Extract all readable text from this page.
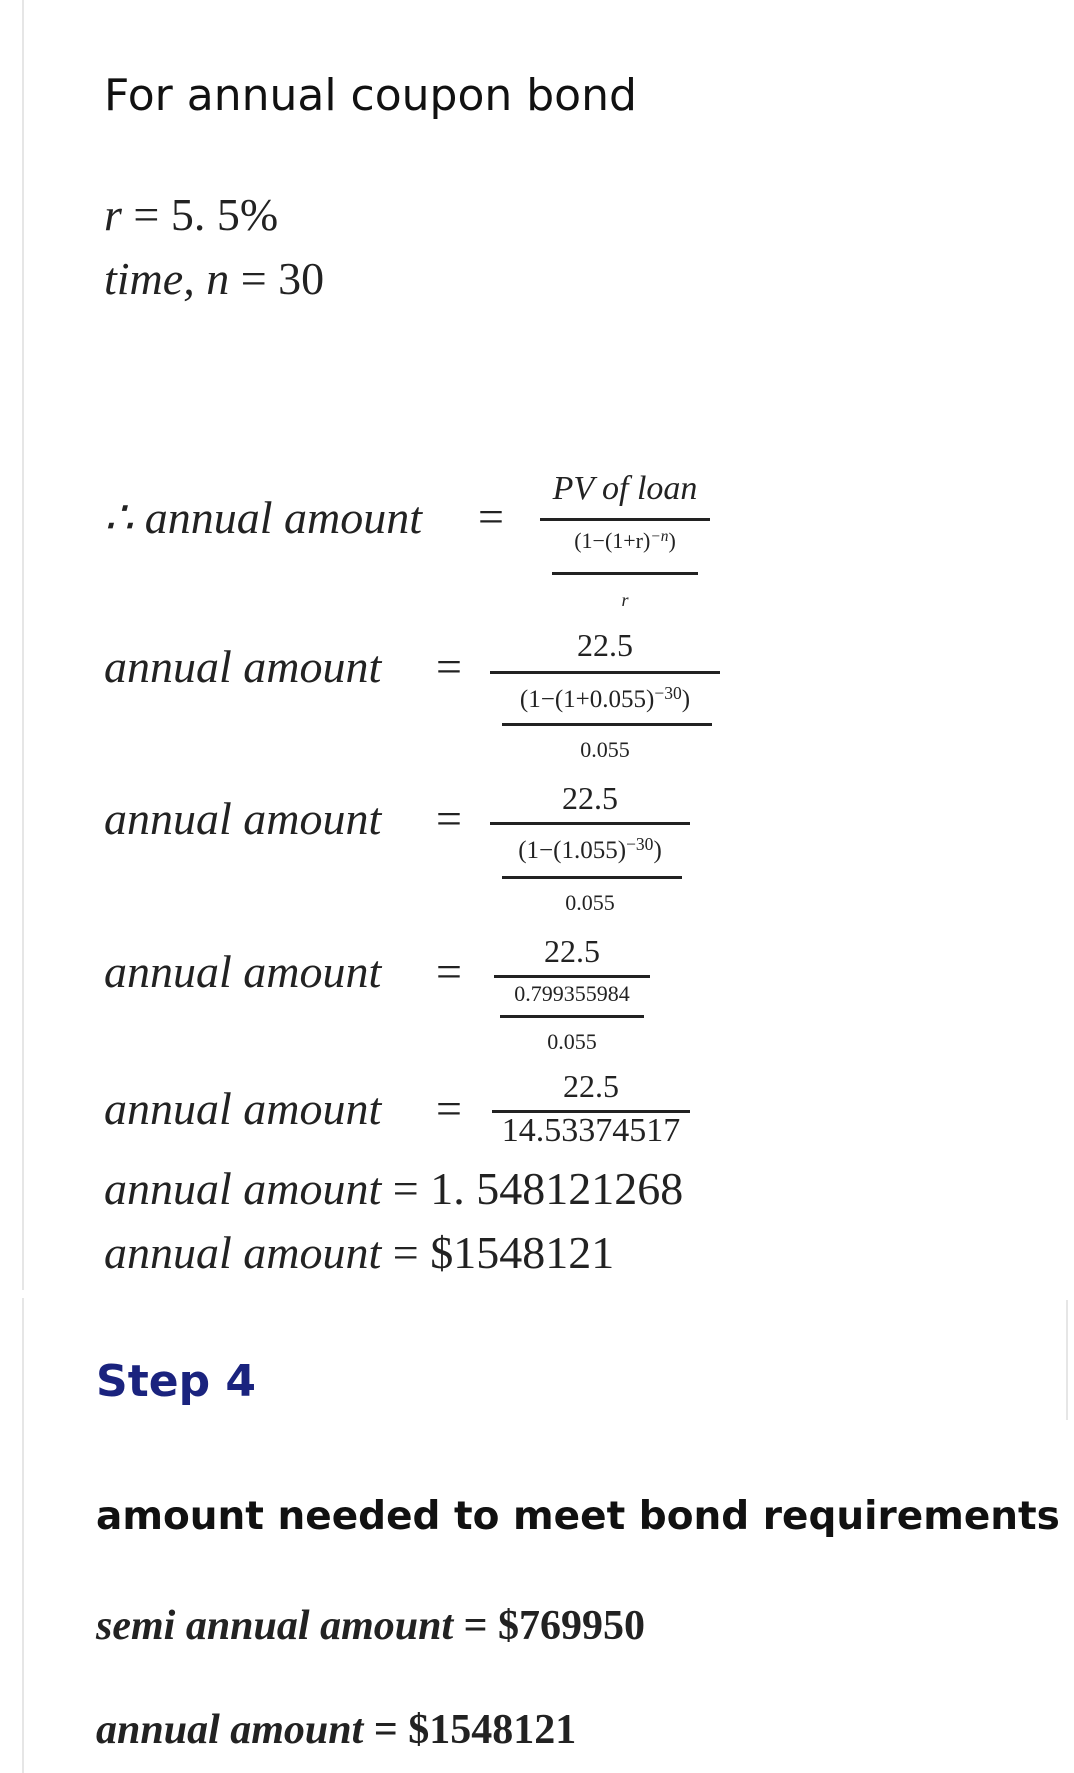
For annual coupon bond
r = 5. 5%
time, n = 30
∴ annual amount =
PV of loan
$(1-(1+r)^{-n})$
r
annual amount =	22.5
$(1-(1+0.055)^{-30})$
0.055
annual amount =	22.5
$(1-(1.055)^{-30})$
0.055
annual amount =	22.5
0.799355984
0.055
annual amount =	22.5
14.53374517
annual amount = 1. 548121268
annual amount = $1548121
Step 4
amount needed to meet bond requirements
semi annual amount = $769950
annual amount = $1548121
